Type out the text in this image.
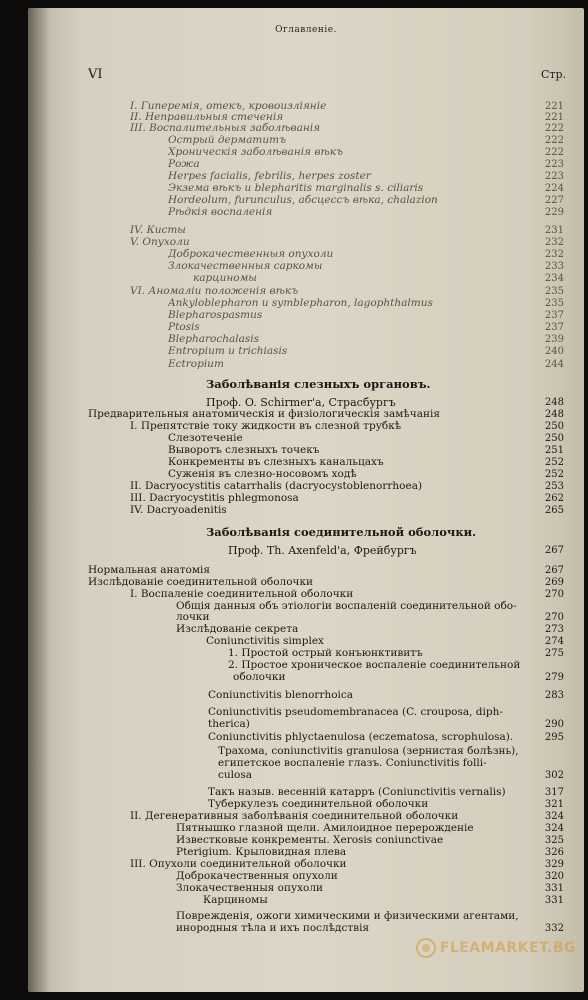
Оглавленіе.
VI	Стр.
I. Гиперемія, отекъ, кровоизліяніе	221
II. Неправильныя стеченія	221
III. Воспалительныя заболѣванія	222
Острый дерматитъ	222
Хроническія заболѣванія вѣкъ	222
Рожа	223
Herpes facialis, febrilis, herpes zoster	223
Экзема вѣкъ и blepharitis marginalis s. ciliaris	224
Hordeolum, furunculus, абсцессъ вѣка, chalazion	227
Рѣдкія воспаленія	229
IV. Кисты	231
V. Опухоли	232
Доброкачественныя опухоли	232
Злокачественныя саркомы	233
карциномы	234
VI. Аномаліи положенія вѣкъ	235
Ankyloblepharon и symblepharon, lagophthalmus	235
Blepharospasmus	237
Ptosis	237
Blepharochalasis	239
Entropium и trichiasis	240
Ectropium	244
Заболѣванія слезныхъ органовъ.
Проф. O. Schirmer'a, Страсбургъ	248
Предварительныя анатомическія и физіологическія замѣчанія	248
I. Препятствіе току жидкости въ слезной трубкѣ	250
Слезотеченіе	250
Выворотъ слезныхъ точекъ	251
Конкременты въ слезныхъ канальцахъ	252
Суженія въ слезно-носовомъ ходѣ	252
II. Dacryocystitis catarrhalis (dacryocystoblenorrhoea)	253
III. Dacryocystitis phlegmonosa	262
IV. Dacryoadenitis	265
Заболѣванія соединительной оболочки.
Проф. Th. Axenfeld'a, Фрейбургъ	267
Нормальная анатомія	267
Изслѣдованіе соединительной оболочки	269
I. Воспаленіе соединительной оболочки	270
Общія данныя объ этіологіи воспаленій соединительной обо-
лочки	270
Изслѣдованіе секрета	273
Coniunctivitis simplex	274
1. Простой острый конъюнктивитъ	275
2. Простое хроническое воспаленіе соединительной
оболочки	279
Coniunctivitis blenorrhoica	283
Coniunctivitis pseudomembranacea (C. crouposa, diph-
therica)	290
Coniunctivitis phlyctaenulosa (eczematosa, scrophulosa).	295
Трахома, coniunctivitis granulosa (зернистая болѣзнь),
египетское воспаленіе глазъ. Coniunctivitis folli-
culosa	302
Такъ назыв. весенній катарръ (Coniunctivitis vernalis)	317
Туберкулезъ соединительной оболочки	321
II. Дегенеративныя заболѣванія соединительной оболочки	324
Пятнышко глазной щели. Амилоидное перерожденіе	324
Известковые конкременты. Xerosis coniunctivae	325
Pterigium. Крыловидная плева	326
III. Опухоли соединительной оболочки	329
Доброкачественныя опухоли	320
Злокачественныя опухоли	331
Карциномы	331
Поврежденія, ожоги химическими и физическими агентами,
инородныя тѣла и ихъ послѣдствія	332
FLEAMARKET.BG
